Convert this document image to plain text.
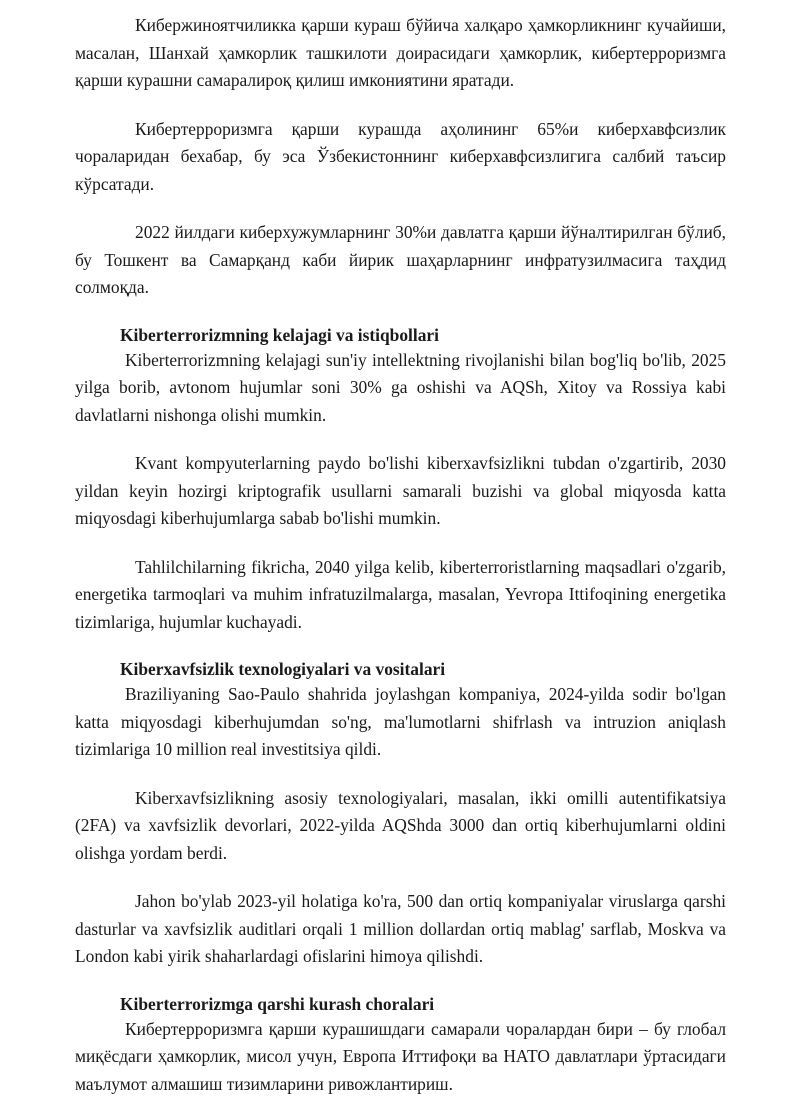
Кибержиноятчиликка қарши кураш бўйича халқаро ҳамкорликнинг кучайиши, масалан, Шанхай ҳамкорлик ташкилоти доирасидаги ҳамкорлик, кибертерроризмга қарши курашни самаралироқ қилиш имкониятини яратади.

Кибертерроризмга қарши курашда аҳолининг 65%и киберхавфсизлик чораларидан бехабар, бу эса Ўзбекистоннинг киберхавфсизлигига салбий таъсир кўрсатади.

2022 йилдаги киберхужумларнинг 30%и давлатга қарши йўналтирилган бўлиб, бу Тошкент ва Самарқанд каби йирик шаҳарларнинг инфратузилмасига таҳдид солмоқда.

Kiberterrorizmning kelajagi va istiqbollari

Kiberterrorizmning kelajagi sun'iy intellektning rivojlanishi bilan bog'liq bo'lib, 2025 yilga borib, avtonom hujumlar soni 30% ga oshishi va AQSh, Xitoy va Rossiya kabi davlatlarni nishonga olishi mumkin.

Kvant kompyuterlarning paydo bo'lishi kiberxavfsizlikni tubdan o'zgartirib, 2030 yildan keyin hozirgi kriptografik usullarni samarali buzishi va global miqyosda katta miqyosdagi kiberhujumlarga sabab bo'lishi mumkin.

Tahlilchilarning fikricha, 2040 yilga kelib, kiberterroristlarning maqsadlari o'zgarib, energetika tarmoqlari va muhim infratuzilmalarga, masalan, Yevropa Ittifoqining energetika tizimlariga, hujumlar kuchayadi.

Kiberxavfsizlik texnologiyalari va vositalari

Braziliyaning Sao-Paulo shahrida joylashgan kompaniya, 2024-yilda sodir bo'lgan katta miqyosdagi kiberhujumdan so'ng, ma'lumotlarni shifrlash va intruzion aniqlash tizimlariga 10 million real investitsiya qildi.

Kiberxavfsizlikning asosiy texnologiyalari, masalan, ikki omilli autentifikatsiya (2FA) va xavfsizlik devorlari, 2022-yilda AQShda 3000 dan ortiq kiberhujumlarni oldini olishga yordam berdi.

Jahon bo'ylab 2023-yil holatiga ko'ra, 500 dan ortiq kompaniyalar viruslarga qarshi dasturlar va xavfsizlik auditlari orqali 1 million dollardan ortiq mablag' sarflab, Moskva va London kabi yirik shaharlardagi ofislarini himoya qilishdi.

Kiberterrorizmga qarshi kurash choralari

Кибертерроризмга қарши курашишдаги самарали чоралардан бири – бу глобал миқёсдаги ҳамкорлик, мисол учун, Европа Иттифоқи ва НАТО давлатлари ўртасидаги маълумот алмашиш тизимларини ривожлантириш.
